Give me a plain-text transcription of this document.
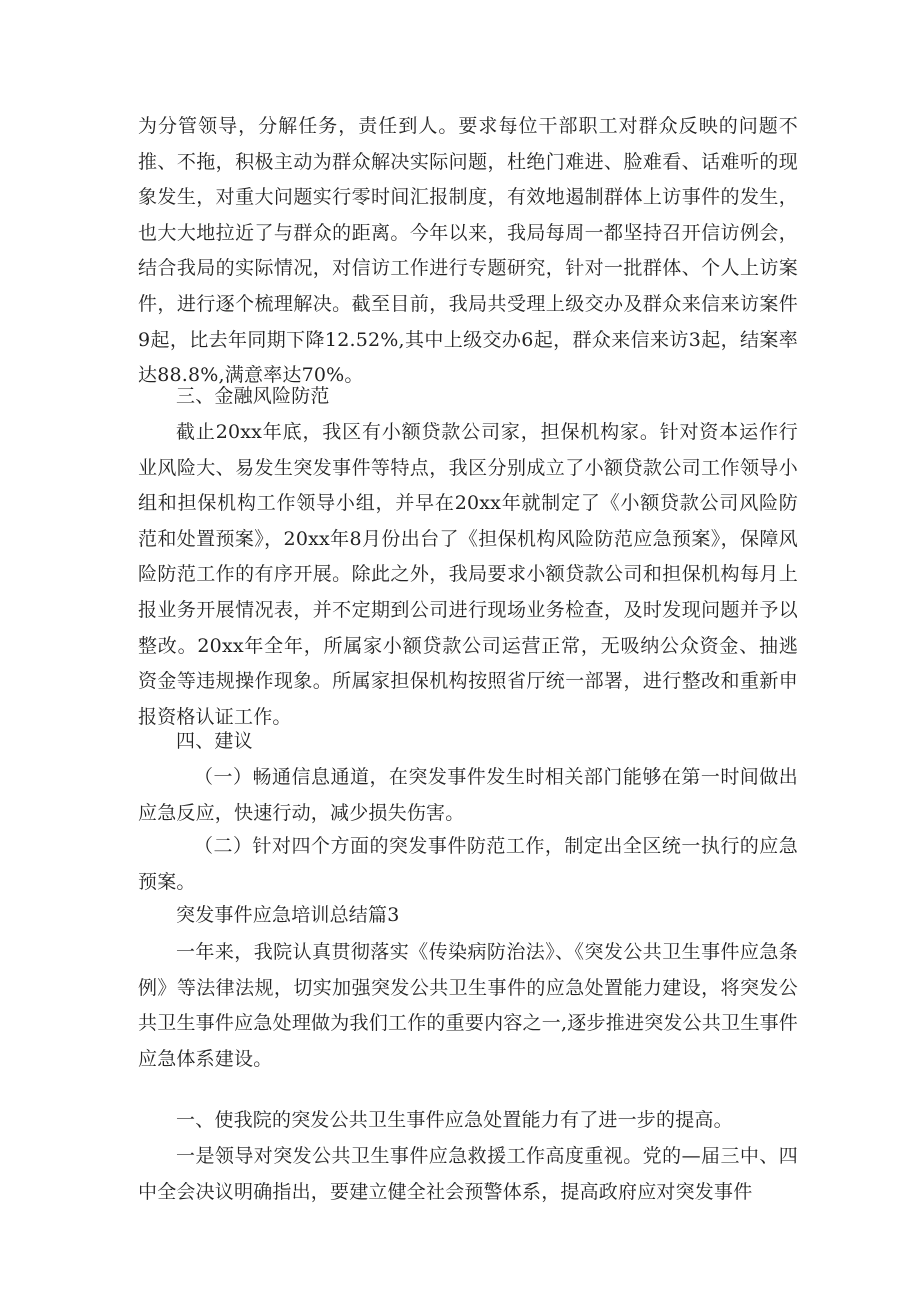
为分管领导，分解任务，责任到人。要求每位干部职工对群众反映的问题不推、不拖，积极主动为群众解决实际问题，杜绝门难进、脸难看、话难听的现象发生，对重大问题实行零时间汇报制度，有效地遏制群体上访事件的发生，也大大地拉近了与群众的距离。今年以来，我局每周一都坚持召开信访例会，结合我局的实际情况，对信访工作进行专题研究，针对一批群体、个人上访案件，进行逐个梳理解决。截至目前，我局共受理上级交办及群众来信来访案件9起，比去年同期下降12.52%,其中上级交办6起，群众来信来访3起，结案率达88.8%,满意率达70%。

三、金融风险防范

截止20xx年底，我区有小额贷款公司家，担保机构家。针对资本运作行业风险大、易发生突发事件等特点，我区分别成立了小额贷款公司工作领导小组和担保机构工作领导小组，并早在20xx年就制定了《小额贷款公司风险防范和处置预案》，20xx年8月份出台了《担保机构风险防范应急预案》，保障风险防范工作的有序开展。除此之外，我局要求小额贷款公司和担保机构每月上报业务开展情况表，并不定期到公司进行现场业务检查，及时发现问题并予以整改。20xx年全年，所属家小额贷款公司运营正常，无吸纳公众资金、抽逃资金等违规操作现象。所属家担保机构按照省厅统一部署，进行整改和重新申报资格认证工作。

四、建议

（一）畅通信息通道，在突发事件发生时相关部门能够在第一时间做出应急反应，快速行动，减少损失伤害。

（二）针对四个方面的突发事件防范工作，制定出全区统一执行的应急预案。

突发事件应急培训总结篇3

一年来，我院认真贯彻落实《传染病防治法》、《突发公共卫生事件应急条例》等法律法规，切实加强突发公共卫生事件的应急处置能力建设，将突发公共卫生事件应急处理做为我们工作的重要内容之一,逐步推进突发公共卫生事件应急体系建设。

一、使我院的突发公共卫生事件应急处置能力有了进一步的提高。

一是领导对突发公共卫生事件应急救援工作高度重视。党的—届三中、四中全会决议明确指出，要建立健全社会预警体系，提高政府应对突发事件
